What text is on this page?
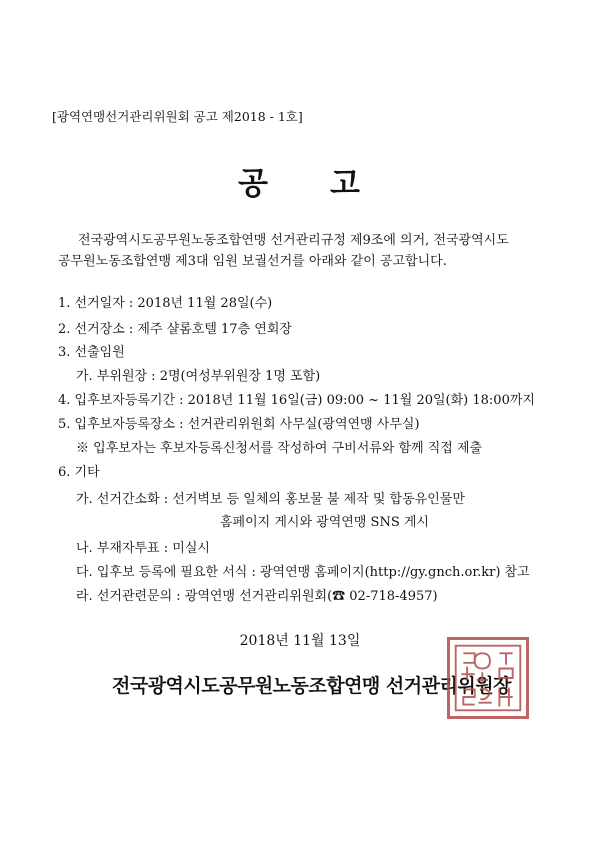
[광역연맹선거관리위원회 공고 제2018 - 1호]
공 고
전국광역시도공무원노동조합연맹 선거관리규정 제9조에 의거, 전국광역시도
공무원노동조합연맹 제3대 임원 보궐선거를 아래와 같이 공고합니다.
1. 선거일자 : 2018년 11월 28일(수)
2. 선거장소 : 제주 샬롬호텔 17층 연회장
3. 선출임원
가. 부위원장 : 2명(여성부위원장 1명 포함)
4. 입후보자등록기간 : 2018년 11월 16일(금) 09:00 ~ 11월 20일(화) 18:00까지
5. 입후보자등록장소 : 선거관리위원회 사무실(광역연맹 사무실)
※ 입후보자는 후보자등록신청서를 작성하여 구비서류와 함께 직접 제출
6. 기타
가. 선거간소화 : 선거벽보 등 일체의 홍보물 불 제작 및 합동유인물만
홈페이지 게시와 광역연맹 SNS 게시
나. 부재자투표 : 미실시
다. 입후보 등록에 필요한 서식 : 광역연맹 홈페이지(http://gy.gnch.or.kr) 참고
라. 선거관련문의 : 광역연맹 선거관리위원회(☎ 02-718-4957)
2018년 11월 13일
전국광역시도공무원노동조합연맹 선거관리위원장
